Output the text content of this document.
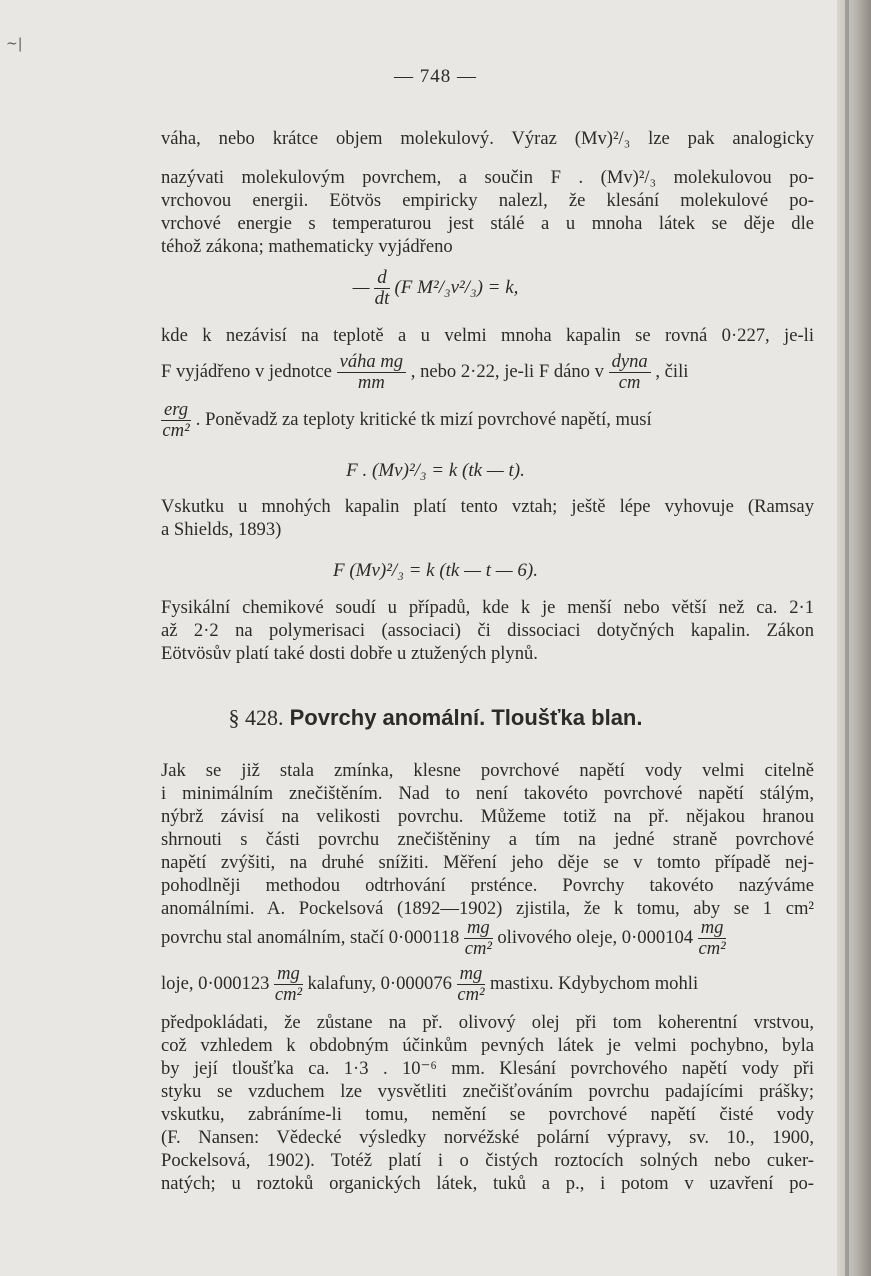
~|
— 748 —
váha, nebo krátce objem molekulový. Výraz (Mv)²/₃ lze pak analogicky
nazývati molekulovým povrchem, a součin F . (Mv)²/₃ molekulovou po-
vrchovou energii. Eötvös empiricky nalezl, že klesání molekulové po-
vrchové energie s temperaturou jest stálé a u mnoha látek se děje dle
téhož zákona; mathematicky vyjádřeno
— $\frac{d}{dt} (F$ M²/₃v²/₃) = k,
kde k nezávisí na teplotě a u velmi mnoha kapalin se rovná 0·227, je-li
F vyjádřeno v jednotce $\frac{\text{váha mg}}{mm}$ , nebo 2·22, je-li F dáno v $\frac{\text{dyna}}{cm}$ , čili
$\frac{\text{erg}}{\text{cm²}}$ . Poněvadž za teploty kritické tk mizí povrchové napětí, musí
F . (Mv)²/₃ = k (tk — t).
Vskutku u mnohých kapalin platí tento vztah; ještě lépe vyhovuje (Ramsay
a Shields, 1893)
F (Mv)²/₃ = k (tk — t — 6).
Fysikální chemikové soudí u případů, kde k je menší nebo větší než ca. 2·1
až 2·2 na polymerisaci (associaci) či dissociaci dotyčných kapalin. Zákon
Eötvösův platí také dosti dobře u ztužených plynů.
§ 428. Povrchy anomální. Tloušťka blan.
Jak se již stala zmínka, klesne povrchové napětí vody velmi citelně
i minimálním znečištěním. Nad to není takovéto povrchové napětí stálým,
nýbrž závisí na velikosti povrchu. Můžeme totiž na př. nějakou hranou
shrnouti s části povrchu znečištěniny a tím na jedné straně povrchové
napětí zvýšiti, na druhé snížiti. Měření jeho děje se v tomto případě nej-
pohodlněji methodou odtrhování prsténce. Povrchy takovéto nazýváme
anomálními. A. Pockelsová (1892—1902) zjistila, že k tomu, aby se 1 cm²
povrchu stal anomálním, stačí $0\cdot 000118 \frac{mg}{\text{cm²}}$ olivového oleje, $0\cdot 000104 \frac{mg}{\text{cm²}}$
loje, $0\cdot 000123 \frac{mg}{\text{cm²}}$ kalafuny, $0\cdot 000076 \frac{mg}{\text{cm²}}$ mastixu. Kdybychom mohli
předpokládati, že zůstane na př. olivový olej při tom koherentní vrstvou,
což vzhledem k obdobným účinkům pevných látek je velmi pochybno, byla
by její tloušťka ca. 1·3 . 10⁻⁶ mm. Klesání povrchového napětí vody při
styku se vzduchem lze vysvětliti znečišťováním povrchu padajícími prášky;
vskutku, zabráníme-li tomu, nemění se povrchové napětí čisté vody
(F. Nansen: Vědecké výsledky norvéžské polární výpravy, sv. 10., 1900,
Pockelsová, 1902). Totéž platí i o čistých roztocích solných nebo cuker-
natých; u roztoků organických látek, tuků a p., i potom v uzavření po-
